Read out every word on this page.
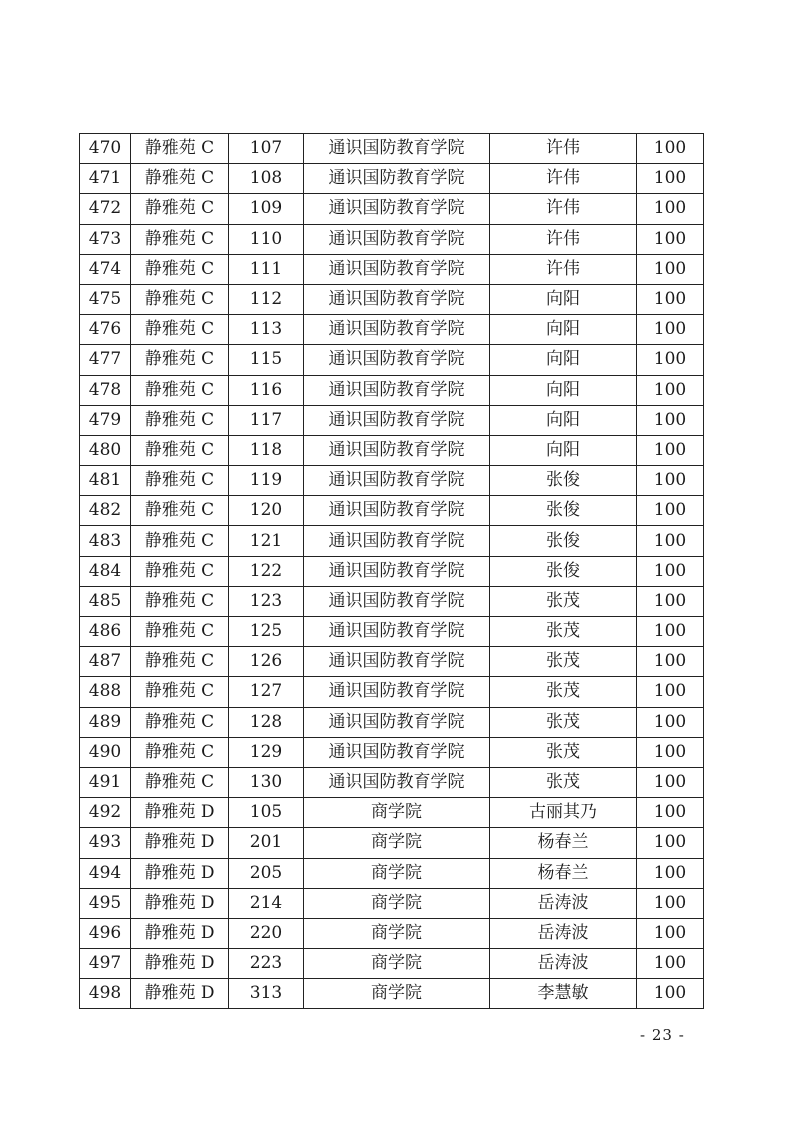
470	静雅苑 C	107	通识国防教育学院	许伟	100
471	静雅苑 C	108	通识国防教育学院	许伟	100
472	静雅苑 C	109	通识国防教育学院	许伟	100
473	静雅苑 C	110	通识国防教育学院	许伟	100
474	静雅苑 C	111	通识国防教育学院	许伟	100
475	静雅苑 C	112	通识国防教育学院	向阳	100
476	静雅苑 C	113	通识国防教育学院	向阳	100
477	静雅苑 C	115	通识国防教育学院	向阳	100
478	静雅苑 C	116	通识国防教育学院	向阳	100
479	静雅苑 C	117	通识国防教育学院	向阳	100
480	静雅苑 C	118	通识国防教育学院	向阳	100
481	静雅苑 C	119	通识国防教育学院	张俊	100
482	静雅苑 C	120	通识国防教育学院	张俊	100
483	静雅苑 C	121	通识国防教育学院	张俊	100
484	静雅苑 C	122	通识国防教育学院	张俊	100
485	静雅苑 C	123	通识国防教育学院	张茂	100
486	静雅苑 C	125	通识国防教育学院	张茂	100
487	静雅苑 C	126	通识国防教育学院	张茂	100
488	静雅苑 C	127	通识国防教育学院	张茂	100
489	静雅苑 C	128	通识国防教育学院	张茂	100
490	静雅苑 C	129	通识国防教育学院	张茂	100
491	静雅苑 C	130	通识国防教育学院	张茂	100
492	静雅苑 D	105	商学院	古丽其乃	100
493	静雅苑 D	201	商学院	杨春兰	100
494	静雅苑 D	205	商学院	杨春兰	100
495	静雅苑 D	214	商学院	岳涛波	100
496	静雅苑 D	220	商学院	岳涛波	100
497	静雅苑 D	223	商学院	岳涛波	100
498	静雅苑 D	313	商学院	李慧敏	100
- 23 -
